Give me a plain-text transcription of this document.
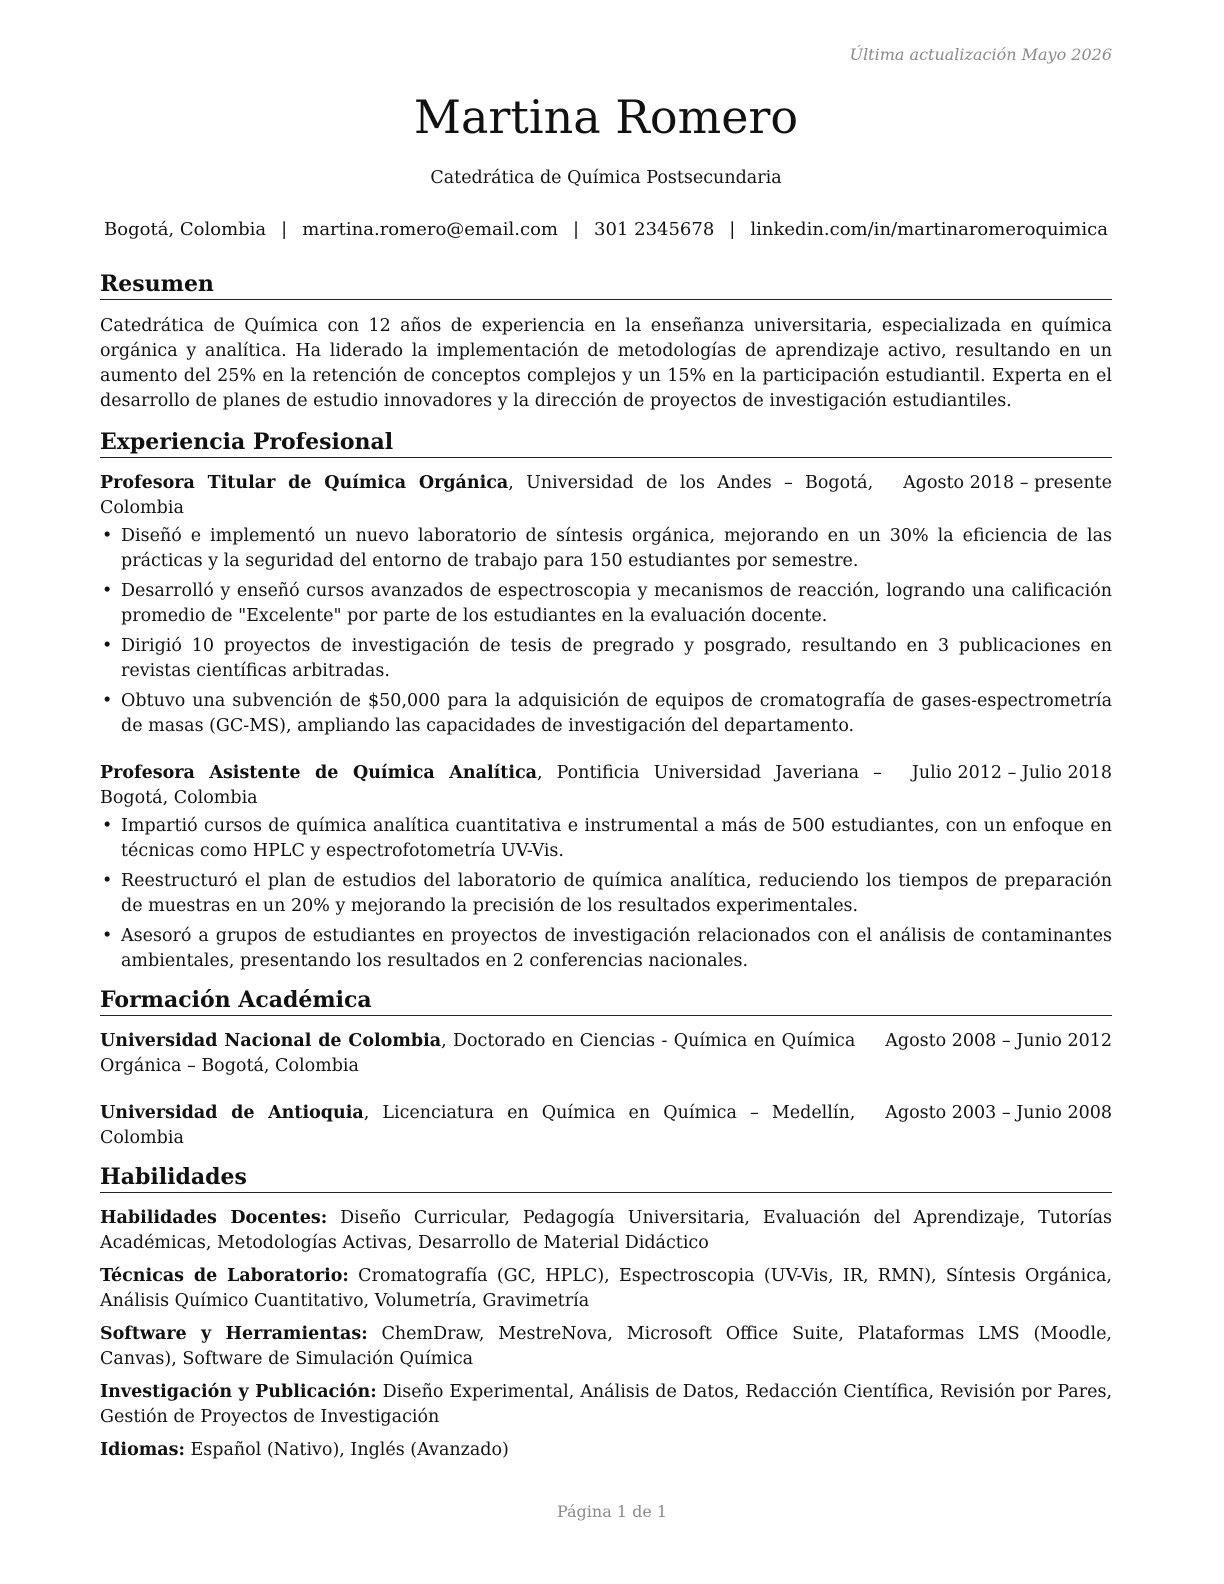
Última actualización Mayo 2026
Martina Romero
Catedrática de Química Postsecundaria
Bogotá, Colombia | martina.romero@email.com | 301 2345678 | linkedin.com/in/martinaromeroquimica
Resumen

Catedrática de Química con 12 años de experiencia en la enseñanza universitaria, especializada en química orgánica y analítica. Ha liderado la implementación de metodologías de aprendizaje activo, resultando en un aumento del 25% en la retención de conceptos complejos y un 15% en la participación estudiantil. Experta en el desarrollo de planes de estudio innovadores y la dirección de proyectos de investigación estudiantiles.

Experiencia Profesional
Profesora Titular de Química Orgánica, Universidad de los Andes – Bogotá, Colombia
Agosto 2018 – presente
• Diseñó e implementó un nuevo laboratorio de síntesis orgánica, mejorando en un 30% la eficiencia de las prácticas y la seguridad del entorno de trabajo para 150 estudiantes por semestre.
• Desarrolló y enseñó cursos avanzados de espectroscopia y mecanismos de reacción, logrando una calificación promedio de "Excelente" por parte de los estudiantes en la evaluación docente.
• Dirigió 10 proyectos de investigación de tesis de pregrado y posgrado, resultando en 3 publicaciones en revistas científicas arbitradas.
• Obtuvo una subvención de $50,000 para la adquisición de equipos de cromatografía de gases-espectrometría de masas (GC-MS), ampliando las capacidades de investigación del departamento.
Profesora Asistente de Química Analítica, Pontificia Universidad Javeriana – Bogotá, Colombia
Julio 2012 – Julio 2018
• Impartió cursos de química analítica cuantitativa e instrumental a más de 500 estudiantes, con un enfoque en técnicas como HPLC y espectrofotometría UV-Vis.
• Reestructuró el plan de estudios del laboratorio de química analítica, reduciendo los tiempos de preparación de muestras en un 20% y mejorando la precisión de los resultados experimentales.
• Asesoró a grupos de estudiantes en proyectos de investigación relacionados con el análisis de contaminantes ambientales, presentando los resultados en 2 conferencias nacionales.
Formación Académica
Universidad Nacional de Colombia, Doctorado en Ciencias - Química en Química Orgánica – Bogotá, Colombia
Agosto 2008 – Junio 2012
Universidad de Antioquia, Licenciatura en Química en Química – Medellín, Colombia
Agosto 2003 – Junio 2008
Habilidades
Habilidades Docentes: Diseño Curricular, Pedagogía Universitaria, Evaluación del Aprendizaje, Tutorías Académicas, Metodologías Activas, Desarrollo de Material Didáctico
Técnicas de Laboratorio: Cromatografía (GC, HPLC), Espectroscopia (UV-Vis, IR, RMN), Síntesis Orgánica, Análisis Químico Cuantitativo, Volumetría, Gravimetría
Software y Herramientas: ChemDraw, MestreNova, Microsoft Office Suite, Plataformas LMS (Moodle, Canvas), Software de Simulación Química
Investigación y Publicación: Diseño Experimental, Análisis de Datos, Redacción Científica, Revisión por Pares, Gestión de Proyectos de Investigación
Idiomas: Español (Nativo), Inglés (Avanzado)
Página 1 de 1
